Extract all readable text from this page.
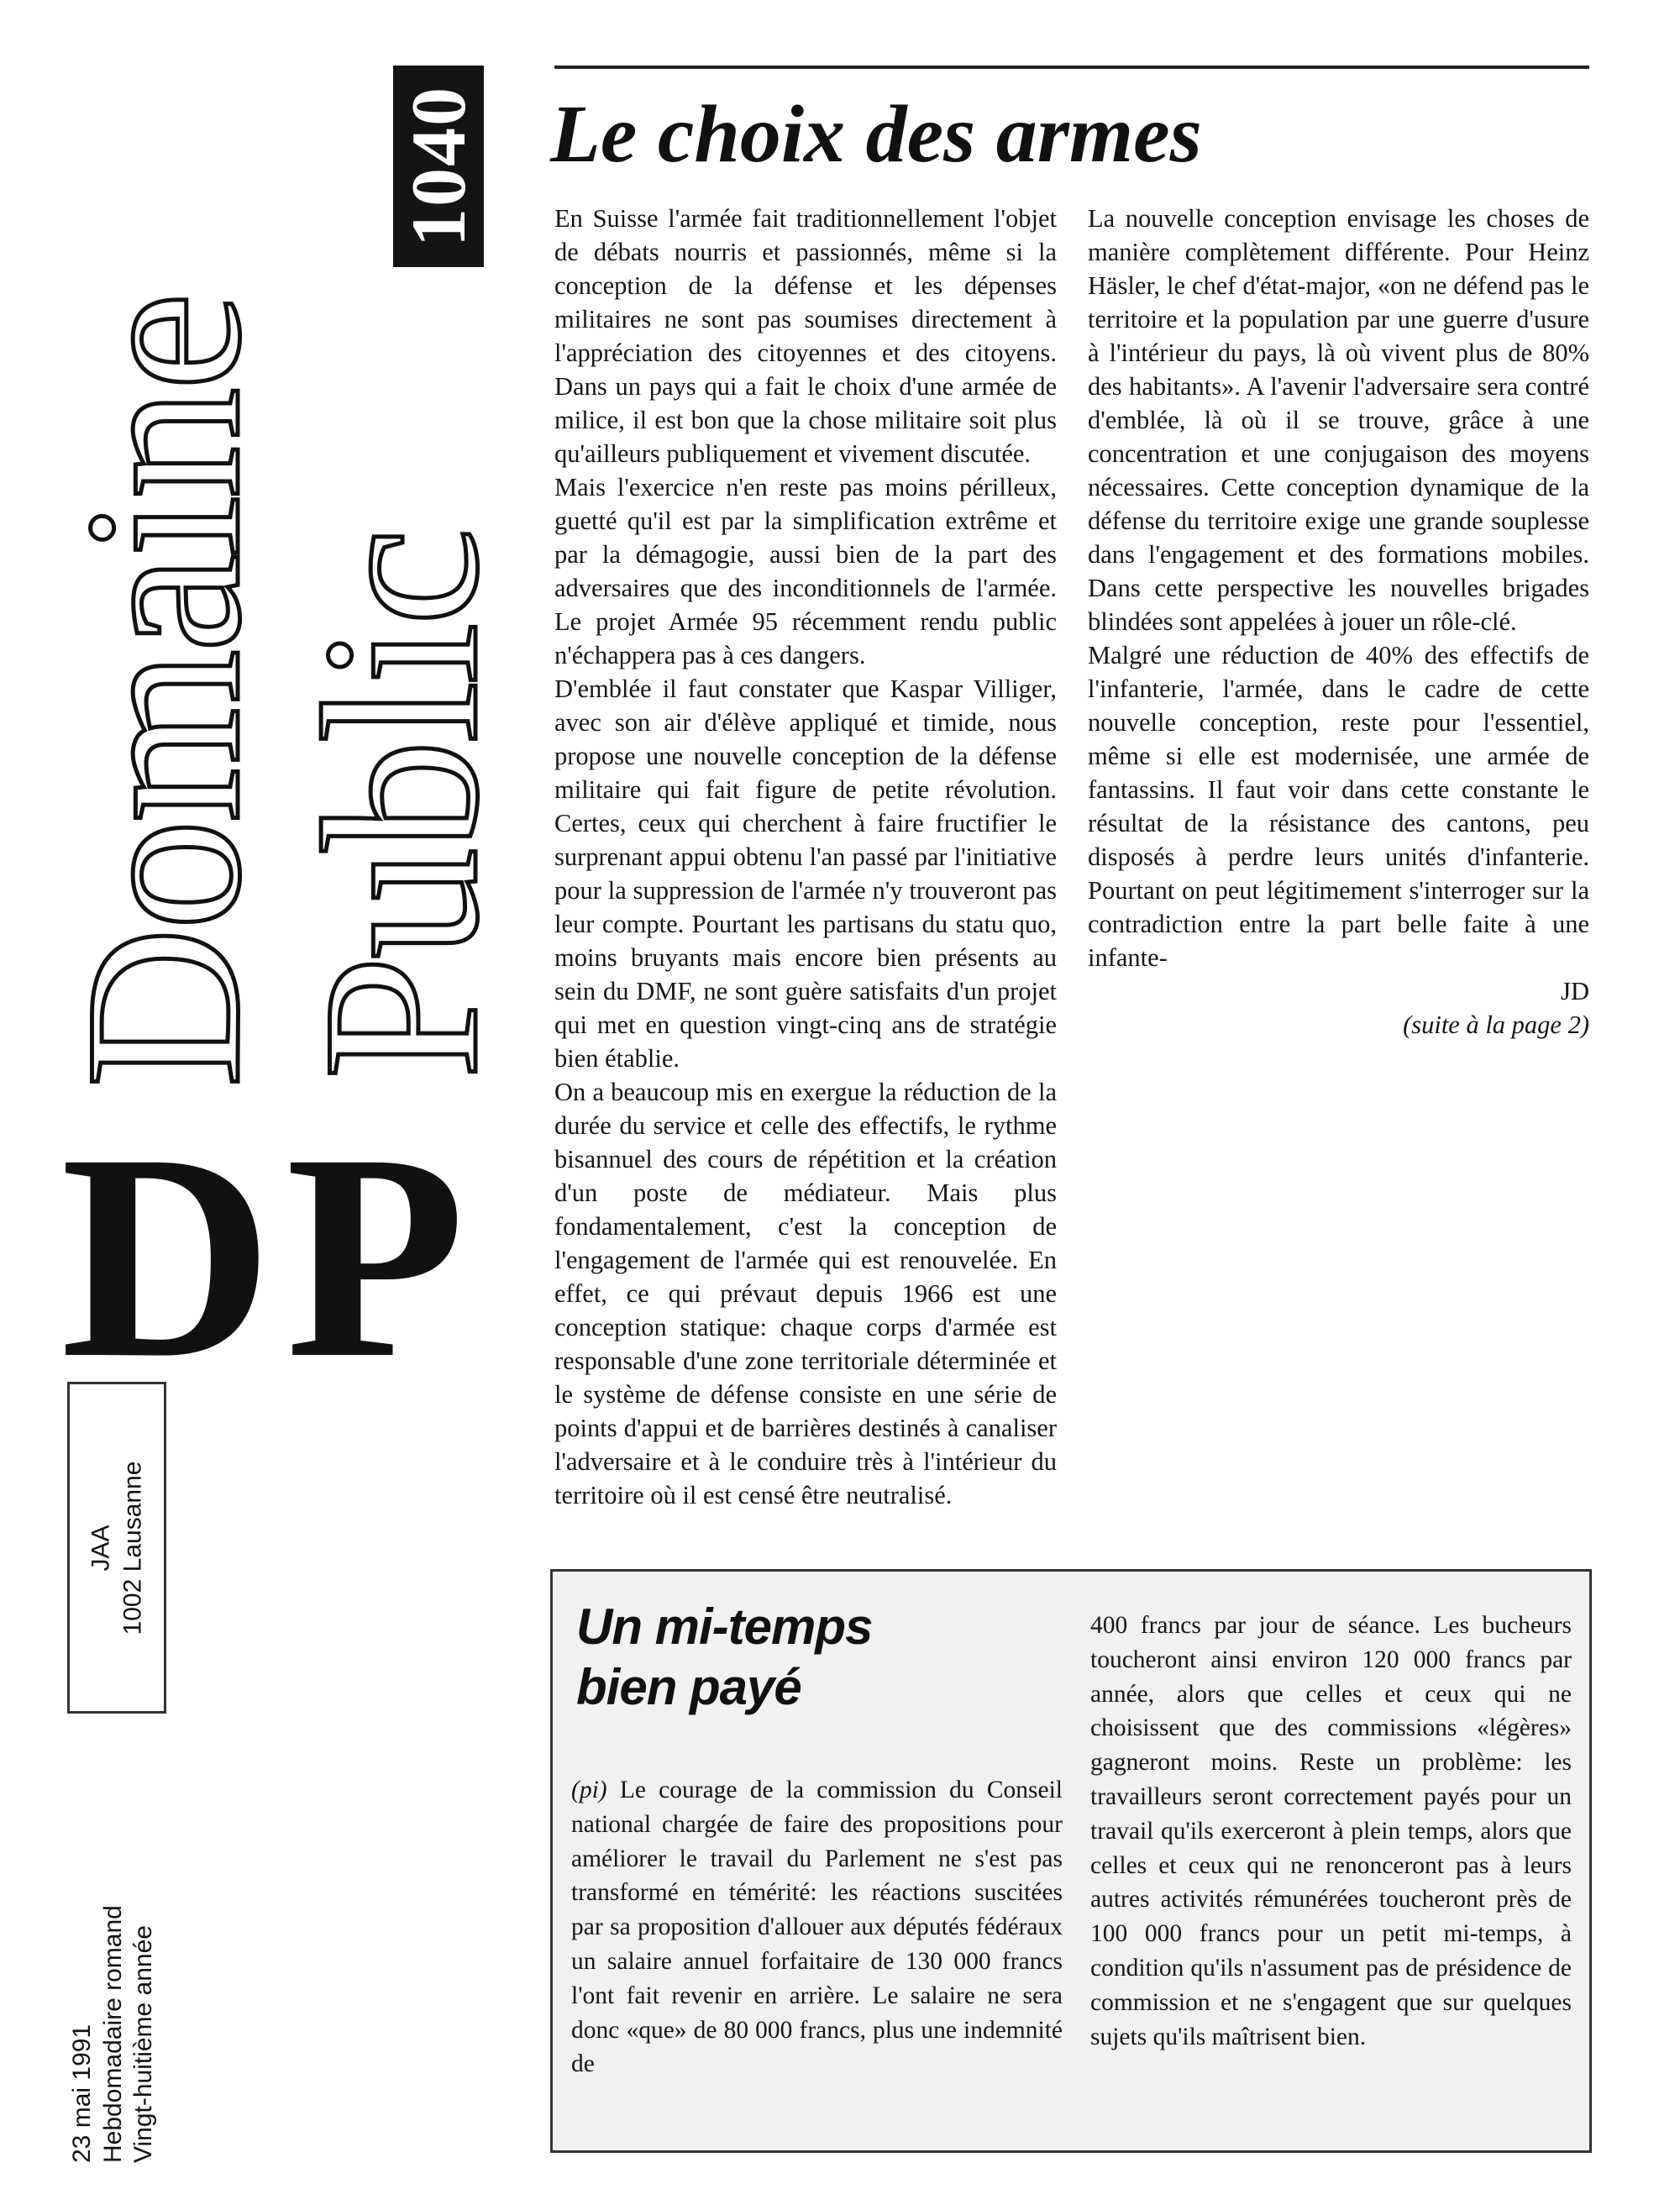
Domaine
Public
1040
D P
JAA 1002 Lausanne
23 mai 1991 Hebdomadaire romand Vingt-huitième année
Le choix des armes

En Suisse l'armée fait traditionnellement l'objet de débats nourris et passionnés, même si la conception de la défense et les dépenses militaires ne sont pas soumises directement à l'appréciation des citoyennes et des citoyens. Dans un pays qui a fait le choix d'une armée de milice, il est bon que la chose militaire soit plus qu'ailleurs publiquement et vivement discutée.

Mais l'exercice n'en reste pas moins périlleux, guetté qu'il est par la simplification extrême et par la démagogie, aussi bien de la part des adversaires que des inconditionnels de l'armée. Le projet Armée 95 récemment rendu public n'échappera pas à ces dangers.

D'emblée il faut constater que Kaspar Villiger, avec son air d'élève appliqué et timide, nous propose une nouvelle conception de la défense militaire qui fait figure de petite révolution. Certes, ceux qui cherchent à faire fructifier le surprenant appui obtenu l'an passé par l'initiative pour la suppression de l'armée n'y trouveront pas leur compte. Pourtant les partisans du statu quo, moins bruyants mais encore bien présents au sein du DMF, ne sont guère satisfaits d'un projet qui met en question vingt-cinq ans de stratégie bien établie.

On a beaucoup mis en exergue la réduction de la durée du service et celle des effectifs, le rythme bisannuel des cours de répétition et la création d'un poste de médiateur. Mais plus fondamentalement, c'est la conception de l'engagement de l'armée qui est renouvelée. En effet, ce qui prévaut depuis 1966 est une conception statique: chaque corps d'armée est responsable d'une zone territoriale déterminée et le système de défense consiste en une série de points d'appui et de barrières destinés à canaliser l'adversaire et à le conduire très à l'intérieur du territoire où il est censé être neutralisé.

La nouvelle conception envisage les choses de manière complètement différente. Pour Heinz Häsler, le chef d'état-major, «on ne défend pas le territoire et la population par une guerre d'usure à l'intérieur du pays, là où vivent plus de 80% des habitants». A l'avenir l'adversaire sera contré d'emblée, là où il se trouve, grâce à une concentration et une conjugaison des moyens nécessaires. Cette conception dynamique de la défense du territoire exige une grande souplesse dans l'engagement et des formations mobiles. Dans cette perspective les nouvelles brigades blindées sont appelées à jouer un rôle-clé.

Malgré une réduction de 40% des effectifs de l'infanterie, l'armée, dans le cadre de cette nouvelle conception, reste pour l'essentiel, même si elle est modernisée, une armée de fantassins. Il faut voir dans cette constante le résultat de la résistance des cantons, peu disposés à perdre leurs unités d'infanterie. Pourtant on peut légitimement s'interroger sur la contradiction entre la part belle faite à une infante-

JD

(suite à la page 2)

Un mi-temps
bien payé

(pi) Le courage de la commission du Conseil national chargée de faire des propositions pour améliorer le travail du Parlement ne s'est pas transformé en témérité: les réactions suscitées par sa proposition d'allouer aux députés fédéraux un salaire annuel forfaitaire de 130 000 francs l'ont fait revenir en arrière. Le salaire ne sera donc «que» de 80 000 francs, plus une indemnité de

400 francs par jour de séance. Les bucheurs toucheront ainsi environ 120 000 francs par année, alors que celles et ceux qui ne choisissent que des commissions «légères» gagneront moins. Reste un problème: les travailleurs seront correctement payés pour un travail qu'ils exerceront à plein temps, alors que celles et ceux qui ne renonceront pas à leurs autres activités rémunérées toucheront près de 100 000 francs pour un petit mi-temps, à condition qu'ils n'assument pas de présidence de commission et ne s'engagent que sur quelques sujets qu'ils maîtrisent bien.
